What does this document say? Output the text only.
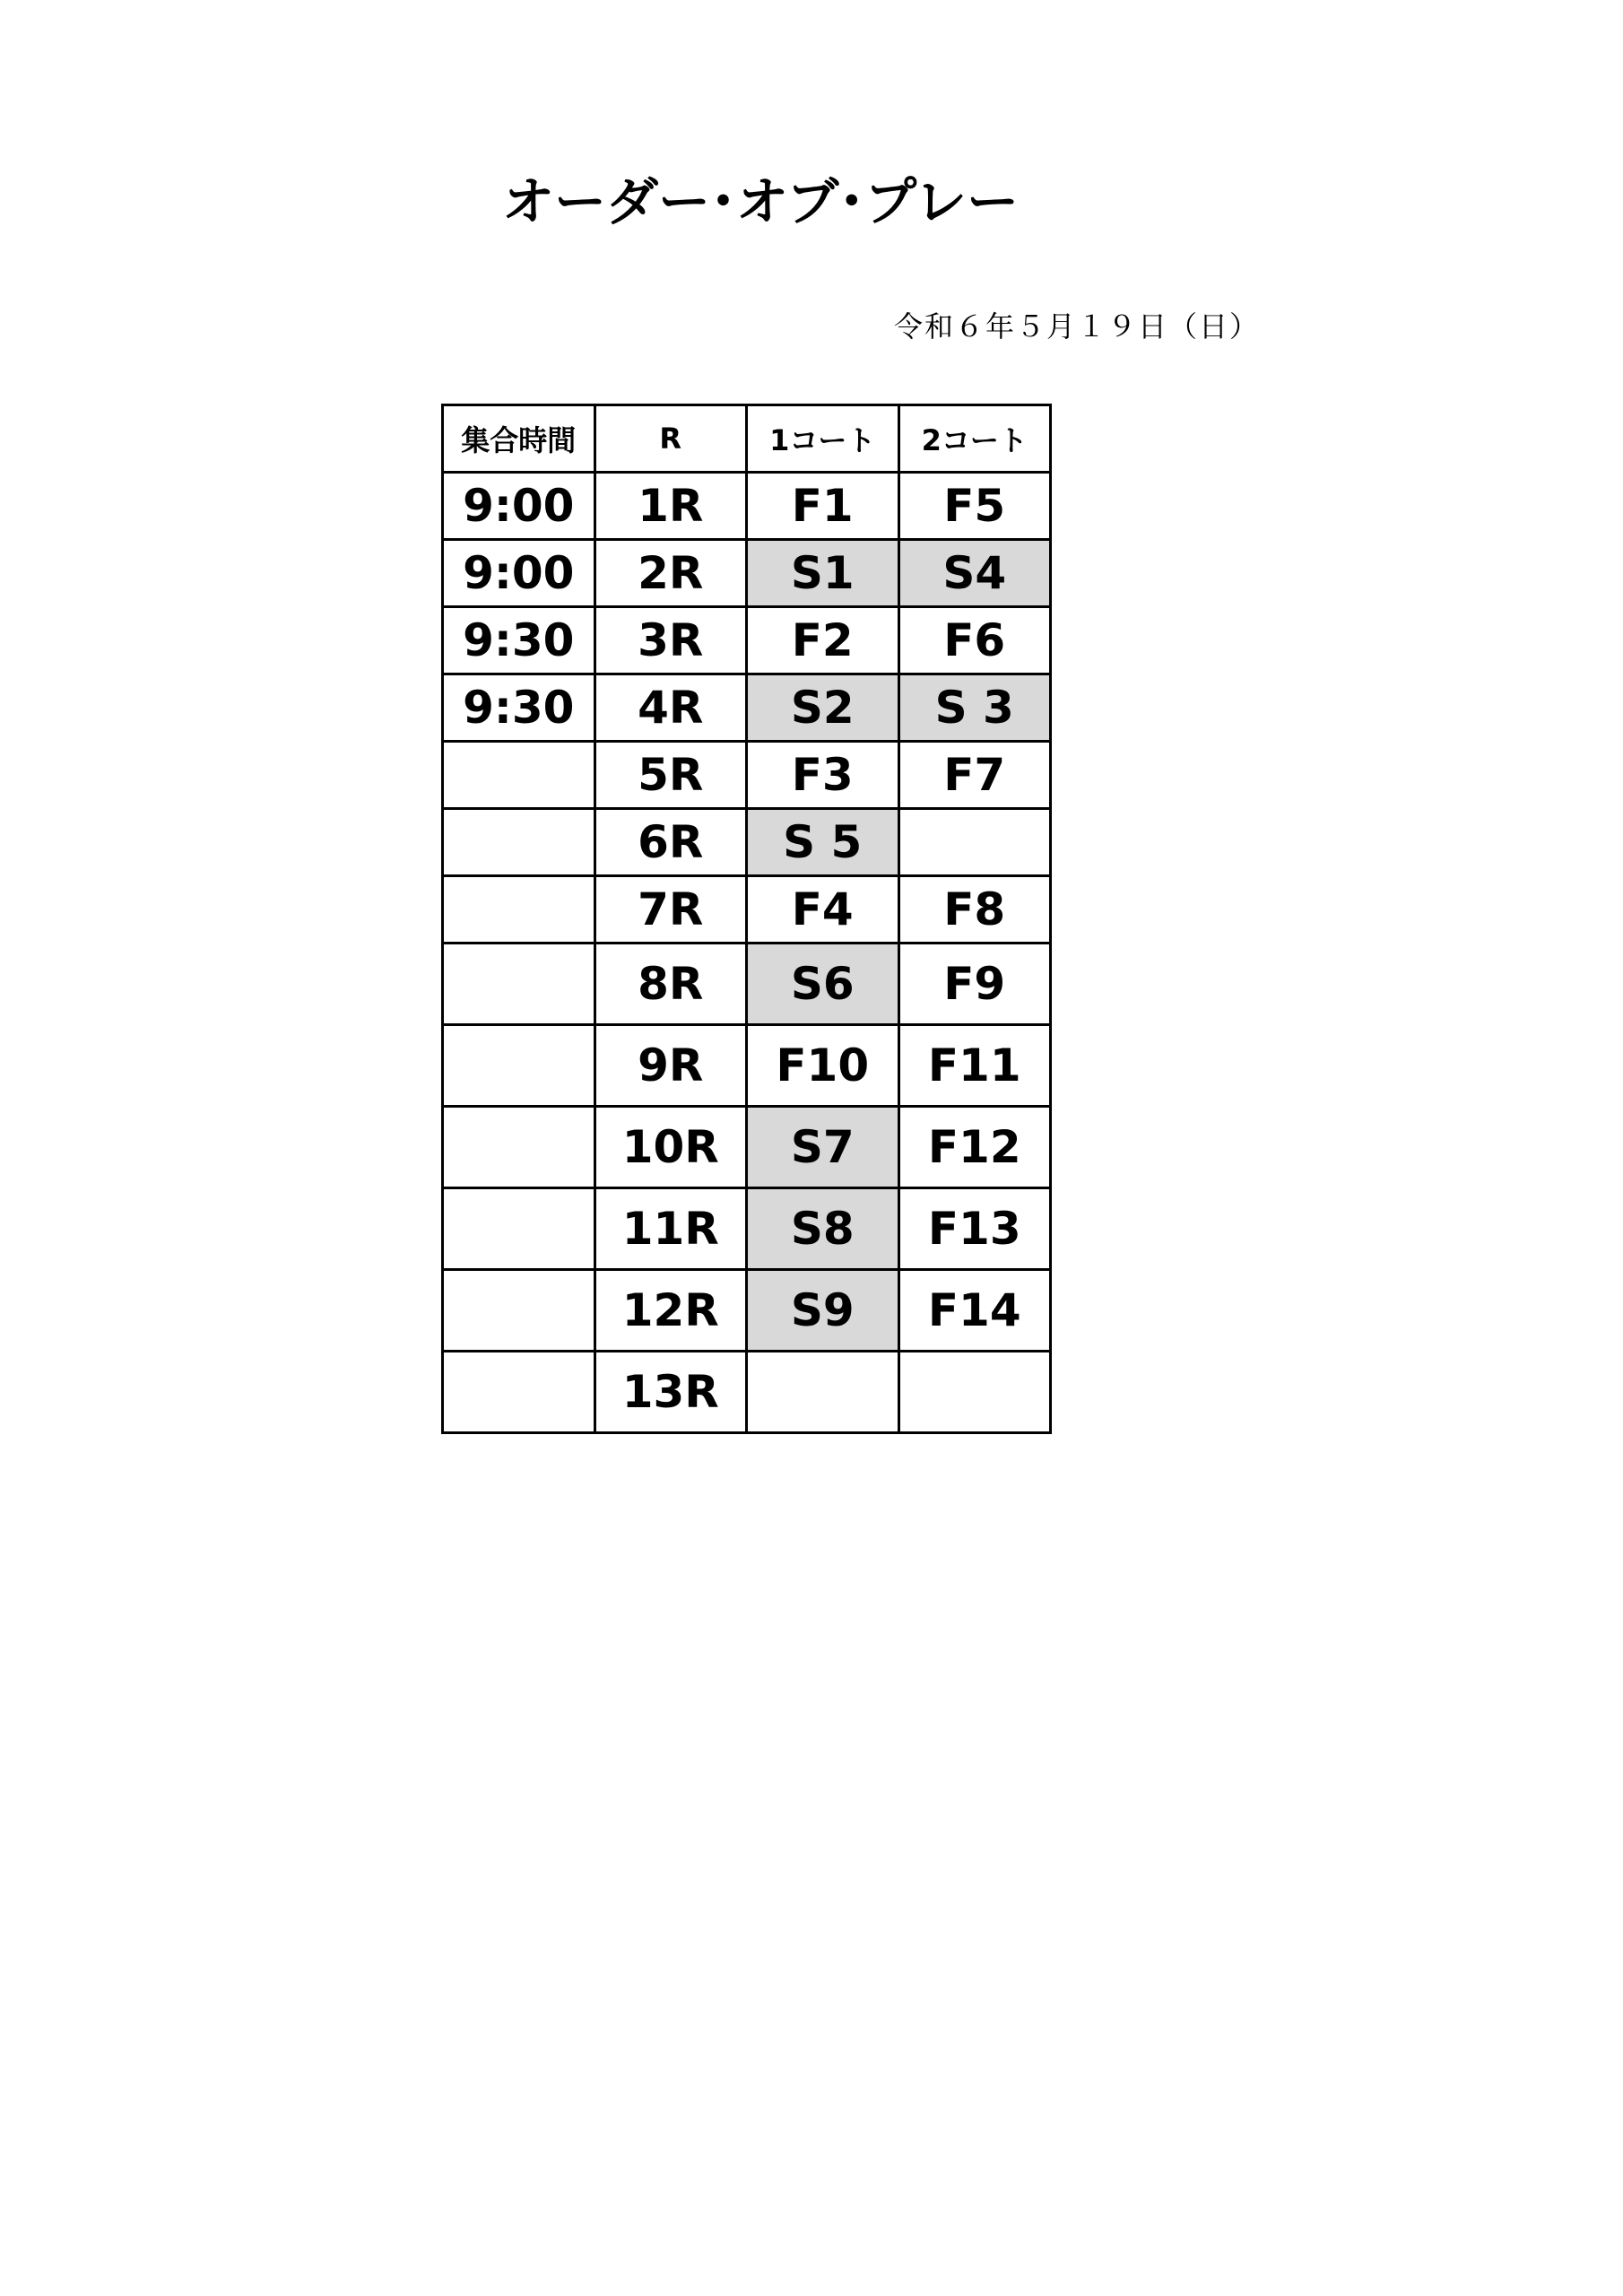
オーダー･オブ･プレー
令和６年５月１９日（日）
集合時間	R	1コート	2コート
9:00	1R	F1	F5
9:00	2R	S1	S4
9:30	3R	F2	F6
9:30	4R	S2	S 3
	5R	F3	F7
	6R	S 5	
	7R	F4	F8
	8R	S6	F9
	9R	F10	F11
	10R	S7	F12
	11R	S8	F13
	12R	S9	F14
	13R		
